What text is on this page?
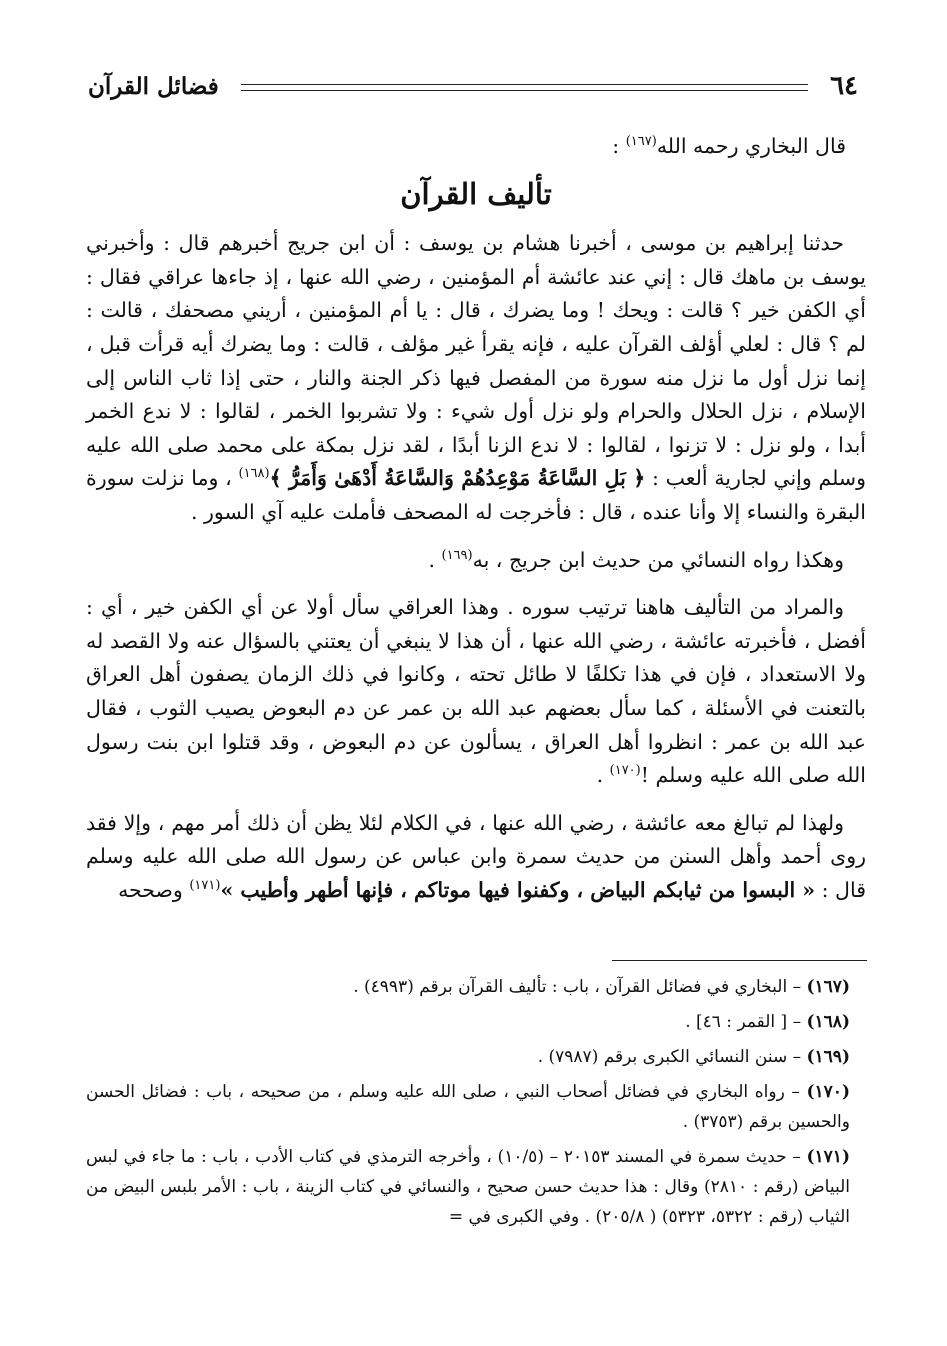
٦٤
فضائل القرآن

قال البخاري رحمه الله$^{(١٦٧)}$ :

تأليف القرآن

حدثنا إبراهيم بن موسى ، أخبرنا هشام بن يوسف : أن ابن جريج أخبرهم قال : وأخبرني يوسف بن ماهك قال : إني عند عائشة أم المؤمنين ، رضي الله عنها ، إذ جاءها عراقي فقال : أي الكفن خير ؟ قالت : ويحك ! وما يضرك ، قال : يا أم المؤمنين ، أريني مصحفك ، قالت : لم ؟ قال : لعلي أؤلف القرآن عليه ، فإنه يقرأ غير مؤلف ، قالت : وما يضرك أيه قرأت قبل ، إنما نزل أول ما نزل منه سورة من المفصل فيها ذكر الجنة والنار ، حتى إذا ثاب الناس إلى الإسلام ، نزل الحلال والحرام ولو نزل أول شيء : ولا تشربوا الخمر ، لقالوا : لا ندع الخمر أبدا ، ولو نزل : لا تزنوا ، لقالوا : لا ندع الزنا أبدًا ، لقد نزل بمكة على محمد صلى الله عليه وسلم وإني لجارية ألعب : ﴿ بَلِ السَّاعَةُ مَوْعِدُهُمْ وَالسَّاعَةُ أَدْهَىٰ وَأَمَرُّ ﴾$^{(١٦٨)}$ ، وما نزلت سورة البقرة والنساء إلا وأنا عنده ، قال : فأخرجت له المصحف فأملت عليه آي السور .

وهكذا رواه النسائي من حديث ابن جريج ، به$^{(١٦٩)}$ .

والمراد من التأليف هاهنا ترتيب سوره . وهذا العراقي سأل أولا عن أي الكفن خير ، أي : أفضل ، فأخبرته عائشة ، رضي الله عنها ، أن هذا لا ينبغي أن يعتني بالسؤال عنه ولا القصد له ولا الاستعداد ، فإن في هذا تكلفًا لا طائل تحته ، وكانوا في ذلك الزمان يصفون أهل العراق بالتعنت في الأسئلة ، كما سأل بعضهم عبد الله بن عمر عن دم البعوض يصيب الثوب ، فقال عبد الله بن عمر : انظروا أهل العراق ، يسألون عن دم البعوض ، وقد قتلوا ابن بنت رسول الله صلى الله عليه وسلم !$^{(١٧٠)}$ .

ولهذا لم تبالغ معه عائشة ، رضي الله عنها ، في الكلام لئلا يظن أن ذلك أمر مهم ، وإلا فقد روى أحمد وأهل السنن من حديث سمرة وابن عباس عن رسول الله صلى الله عليه وسلم قال : « البسوا من ثيابكم البياض ، وكفنوا فيها موتاكم ، فإنها أطهر وأطيب »$^{(١٧١)}$ وصححه

(١٦٧) – البخاري في فضائل القرآن ، باب : تأليف القرآن برقم (٤٩٩٣) .

(١٦٨) – [ القمر : ٤٦] .

(١٦٩) – سنن النسائي الكبرى برقم (٧٩٨٧) .

(١٧٠) – رواه البخاري في فضائل أصحاب النبي ، صلى الله عليه وسلم ، من صحيحه ، باب : فضائل الحسن والحسين برقم (٣٧٥٣) .

(١٧١) – حديث سمرة في المسند ٢٠١٥٣ – (١٠/٥) ، وأخرجه الترمذي في كتاب الأدب ، باب : ما جاء في لبس البياض (رقم : ٢٨١٠) وقال : هذا حديث حسن صحيح ، والنسائي في كتاب الزينة ، باب : الأمر بلبس البيض من الثياب (رقم : ٥٣٢٢، ٥٣٢٣) ( ٢٠٥/٨) . وفي الكبرى في =
